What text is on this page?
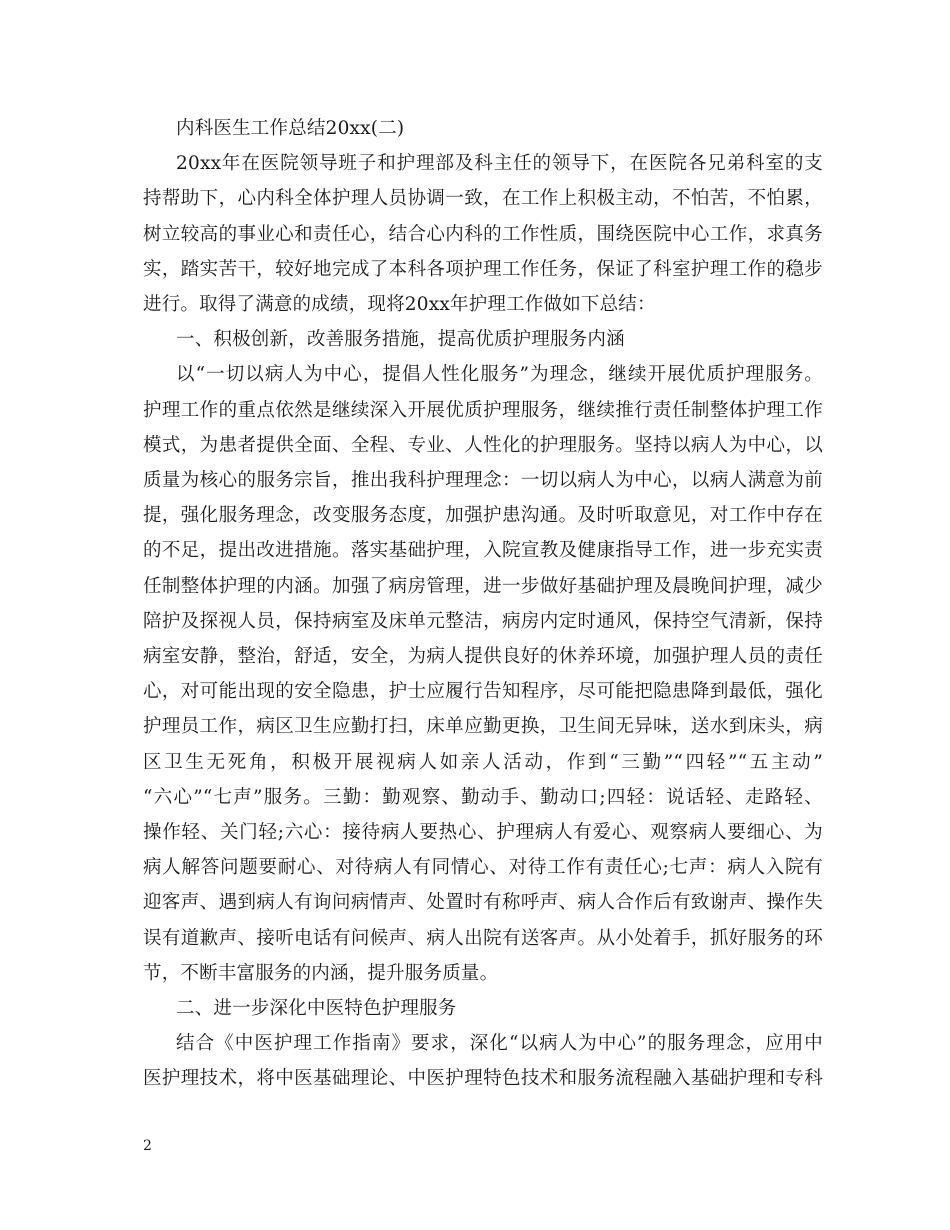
内科医生工作总结20xx(二)
20xx年在医院领导班子和护理部及科主任的领导下，在医院各兄弟科室的支
持帮助下，心内科全体护理人员协调一致，在工作上积极主动，不怕苦，不怕累，
树立较高的事业心和责任心，结合心内科的工作性质，围绕医院中心工作，求真务
实，踏实苦干，较好地完成了本科各项护理工作任务，保证了科室护理工作的稳步
进行。取得了满意的成绩，现将20xx年护理工作做如下总结：
一、积极创新，改善服务措施，提高优质护理服务内涵
以“一切以病人为中心，提倡人性化服务”为理念，继续开展优质护理服务。
护理工作的重点依然是继续深入开展优质护理服务，继续推行责任制整体护理工作
模式，为患者提供全面、全程、专业、人性化的护理服务。坚持以病人为中心，以
质量为核心的服务宗旨，推出我科护理理念：一切以病人为中心，以病人满意为前
提，强化服务理念，改变服务态度，加强护患沟通。及时听取意见，对工作中存在
的不足，提出改进措施。落实基础护理，入院宣教及健康指导工作，进一步充实责
任制整体护理的内涵。加强了病房管理，进一步做好基础护理及晨晚间护理，减少
陪护及探视人员，保持病室及床单元整洁，病房内定时通风，保持空气清新，保持
病室安静，整治，舒适，安全，为病人提供良好的休养环境，加强护理人员的责任
心，对可能出现的安全隐患，护士应履行告知程序，尽可能把隐患降到最低，强化
护理员工作，病区卫生应勤打扫，床单应勤更换，卫生间无异味，送水到床头，病
区卫生无死角，积极开展视病人如亲人活动，作到“三勤”“四轻”“五主动”
“六心”“七声”服务。三勤：勤观察、勤动手、勤动口;四轻：说话轻、走路轻、
操作轻、关门轻;六心：接待病人要热心、护理病人有爱心、观察病人要细心、为
病人解答问题要耐心、对待病人有同情心、对待工作有责任心;七声：病人入院有
迎客声、遇到病人有询问病情声、处置时有称呼声、病人合作后有致谢声、操作失
误有道歉声、接听电话有问候声、病人出院有送客声。从小处着手，抓好服务的环
节，不断丰富服务的内涵，提升服务质量。
二、进一步深化中医特色护理服务
结合《中医护理工作指南》要求，深化“以病人为中心”的服务理念，应用中
医护理技术，将中医基础理论、中医护理特色技术和服务流程融入基础护理和专科
2
